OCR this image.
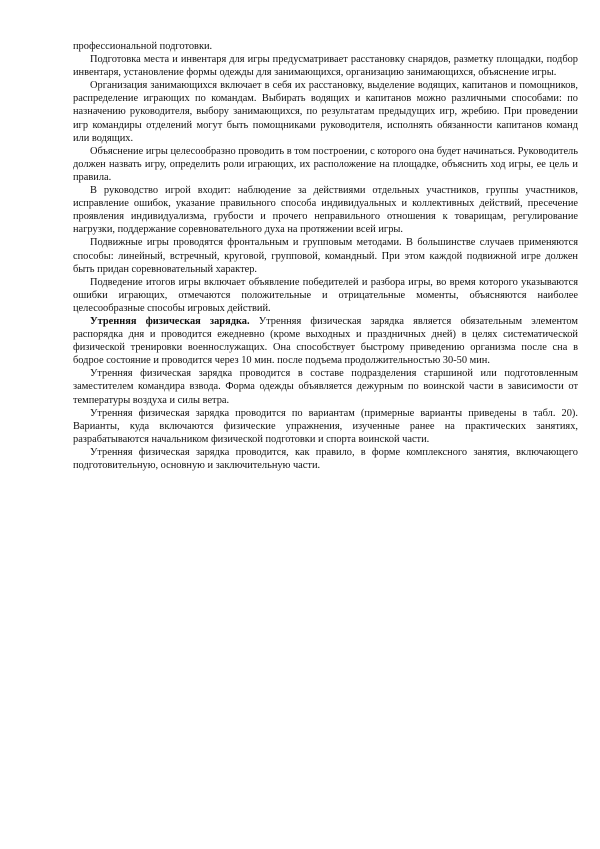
профессиональной подготовки.

Подготовка места и инвентаря для игры предусматривает расстановку снарядов, разметку площадки, подбор инвентаря, установление формы одежды для занимающихся, организацию занимающихся, объяснение игры.

Организация занимающихся включает в себя их расстановку, выделение водящих, капитанов и помощников, распределение играющих по командам. Выбирать водящих и капитанов можно различными способами: по назначению руководителя, выбору занимающихся, по результатам предыдущих игр, жребию. При проведении игр командиры отделений могут быть помощниками руководителя, исполнять обязанности капитанов команд или водящих.

Объяснение игры целесообразно проводить в том построении, с которого она будет начинаться. Руководитель должен назвать игру, определить роли играющих, их расположение на площадке, объяснить ход игры, ее цель и правила.

В руководство игрой входит: наблюдение за действиями отдельных участников, группы участников, исправление ошибок, указание правильного способа индивидуальных и коллективных действий, пресечение проявления индивидуализма, грубости и прочего неправильного отношения к товарищам, регулирование нагрузки, поддержание соревновательного духа на протяжении всей игры.

Подвижные игры проводятся фронтальным и групповым методами. В большинстве случаев применяются способы: линейный, встречный, круговой, групповой, командный. При этом каждой подвижной игре должен быть придан соревновательный характер.

Подведение итогов игры включает объявление победителей и разбора игры, во время которого указываются ошибки играющих, отмечаются положительные и отрицательные моменты, объясняются наиболее целесообразные способы игровых действий.

Утренняя физическая зарядка. Утренняя физическая зарядка является обязательным элементом распорядка дня и проводится ежедневно (кроме выходных и праздничных дней) в целях систематической физической тренировки военнослужащих. Она способствует быстрому приведению организма после сна в бодрое состояние и проводится через 10 мин. после подъема продолжительностью 30-50 мин.

Утренняя физическая зарядка проводится в составе подразделения старшиной или подготовленным заместителем командира взвода. Форма одежды объявляется дежурным по воинской части в зависимости от температуры воздуха и силы ветра.

Утренняя физическая зарядка проводится по вариантам (примерные варианты приведены в табл. 20). Варианты, куда включаются физические упражнения, изученные ранее на практических занятиях, разрабатываются начальником физической подготовки и спорта воинской части.

Утренняя физическая зарядка проводится, как правило, в форме комплексного занятия, включающего подготовительную, основную и заключительную части.
